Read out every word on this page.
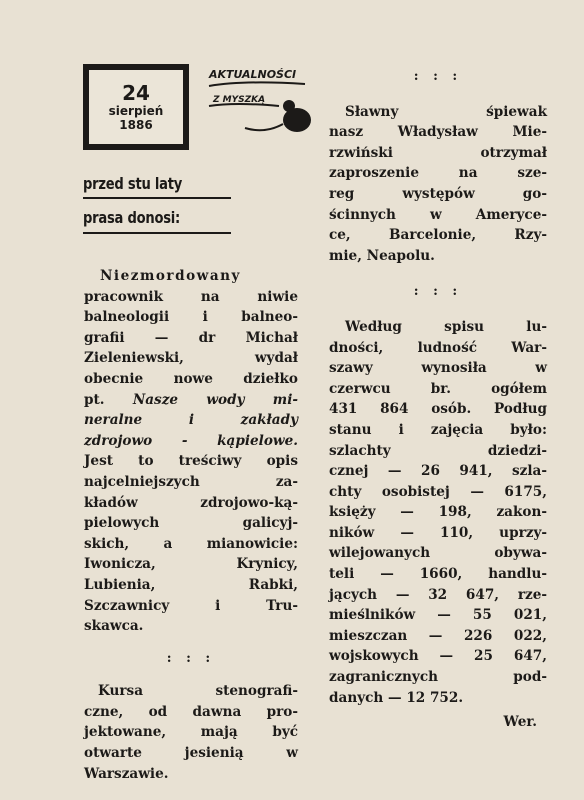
24
sierpień
1886
AKTUALNOŚCI
Z MYSZKĄ
przed stu laty
prasa donosi:

Niezmordowany
pracownik na niwie
balneologii i balneo-
grafii — dr Michał
Zieleniewski, wydał
obecnie nowe dziełko
pt. Nasze wody mi-
neralne i zakłady
zdrojowo - kąpielowe.
Jest to treściwy opis
najcelniejszych za-
kładów zdrojowo-ką-
pielowych galicyj-
skich, a mianowicie:
Iwonicza, Krynicy,
Lubienia, Rabki,
Szczawnicy i Tru-
skawca.

: : :

Kursa stenografi-
czne, od dawna pro-
jektowane, mają być
otwarte jesienią w
Warszawie.

: : :

Sławny śpiewak
nasz Władysław Mie-
rzwiński otrzymał
zaproszenie na sze-
reg występów go-
ścinnych w Ameryce-
ce, Barcelonie, Rzy-
mie, Neapolu.

: : :

Według spisu lu-
dności, ludność War-
szawy wynosiła w
czerwcu br. ogółem
431 864 osób. Podług
stanu i zajęcia było:
szlachty dziedzi-
cznej — 26 941, szla-
chty osobistej — 6175,
księży — 198, zakon-
ników — 110, uprzy-
wilejowanych obywa-
teli — 1660, handlu-
jących — 32 647, rze-
mieślników — 55 021,
mieszczan — 226 022,
wojskowych — 25 647,
zagranicznych pod-
danych — 12 752.

Wer.
